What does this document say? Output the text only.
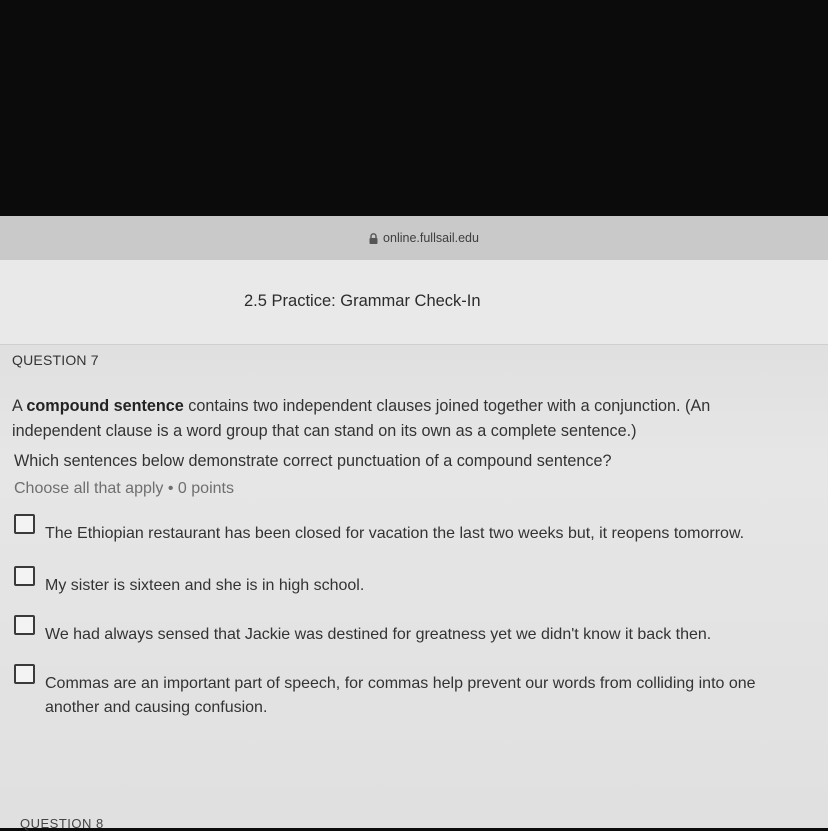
online.fullsail.edu
2.5 Practice: Grammar Check-In
QUESTION 7
A compound sentence contains two independent clauses joined together with a conjunction. (An independent clause is a word group that can stand on its own as a complete sentence.)
Which sentences below demonstrate correct punctuation of a compound sentence?
Choose all that apply • 0 points
The Ethiopian restaurant has been closed for vacation the last two weeks but, it reopens tomorrow.
My sister is sixteen and she is in high school.
We had always sensed that Jackie was destined for greatness yet we didn't know it back then.
Commas are an important part of speech, for commas help prevent our words from colliding into one another and causing confusion.
QUESTION 8
